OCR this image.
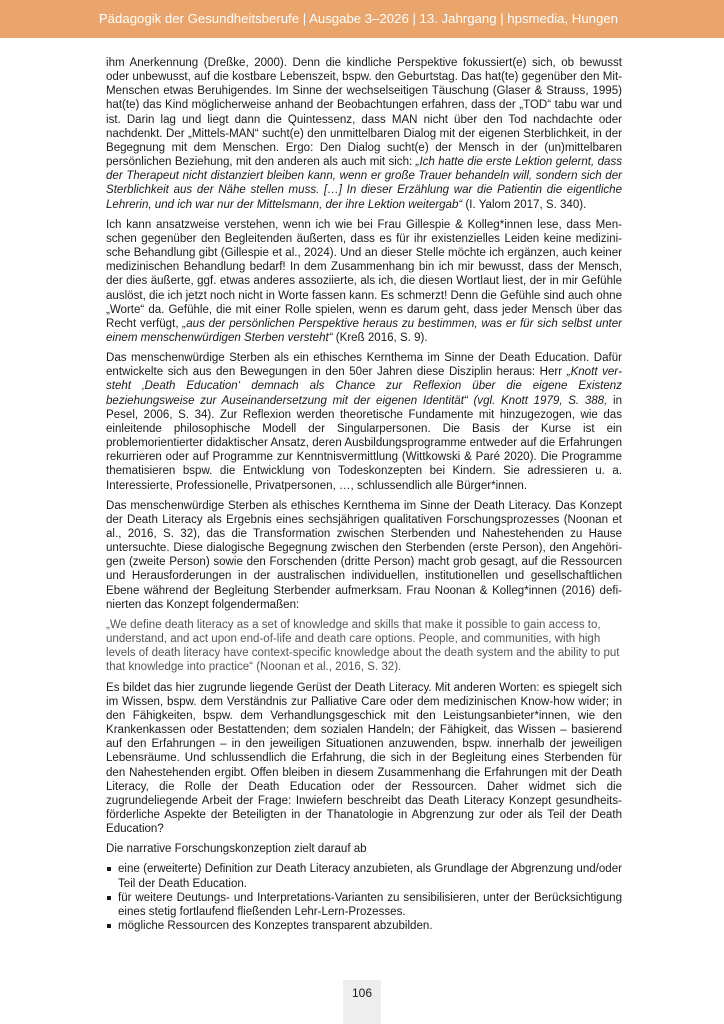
Pädagogik der Gesundheitsberufe | Ausgabe 3–2026 | 13. Jahrgang | hpsmedia, Hungen

ihm Anerkennung (Dreßke, 2000). Denn die kindliche Perspektive fokussiert(e) sich, ob bewusst oder unbewusst, auf die kostbare Lebenszeit, bspw. den Geburtstag. Das hat(te) gegenüber den Mit-Menschen etwas Beruhigendes. Im Sinne der wechselseitigen Täuschung (Glaser & Strauss, 1995) hat(te) das Kind möglicherweise anhand der Beobachtungen erfahren, dass der „TOD“ tabu war und ist. Darin lag und liegt dann die Quintessenz, dass MAN nicht über den Tod nachdachte oder nachdenkt. Der „Mittels-MAN“ sucht(e) den unmittelbaren Dialog mit der eigenen Sterblichkeit, in der Begegnung mit dem Menschen. Ergo: Den Dialog sucht(e) der Mensch in der (un)mittelbaren persönlichen Beziehung, mit den anderen als auch mit sich: „Ich hatte die erste Lektion gelernt, dass der Therapeut nicht distanziert bleiben kann, wenn er große Trauer behandeln will, sondern sich der Sterblichkeit aus der Nähe stellen muss. […] In dieser Erzählung war die Patientin die eigentliche Lehrerin, und ich war nur der Mittelsmann, der ihre Lektion weitergab“ (I. Yalom 2017, S. 340).

Ich kann ansatzweise verstehen, wenn ich wie bei Frau Gillespie & Kolleg*innen lese, dass Menschen gegenüber den Begleitenden äußerten, dass es für ihr existenzielles Leiden keine medizinische Behandlung gibt (Gillespie et al., 2024). Und an dieser Stelle möchte ich ergänzen, auch keiner medizinischen Behandlung bedarf! In dem Zusammenhang bin ich mir bewusst, dass der Mensch, der dies äußerte, ggf. etwas anderes assoziierte, als ich, die diesen Wortlaut liest, der in mir Gefühle auslöst, die ich jetzt noch nicht in Worte fassen kann. Es schmerzt! Denn die Gefühle sind auch ohne „Worte“ da. Gefühle, die mit einer Rolle spielen, wenn es darum geht, dass jeder Mensch über das Recht verfügt, „aus der persönlichen Perspektive heraus zu bestimmen, was er für sich selbst unter einem menschenwürdigen Sterben versteht“ (Kreß 2016, S. 9).

Das menschenwürdige Sterben als ein ethisches Kernthema im Sinne der Death Education. Dafür entwickelte sich aus den Bewegungen in den 50er Jahren diese Disziplin heraus: Herr „Knott versteht ‚Death Education‘ demnach als Chance zur Reflexion über die eigene Existenz beziehungsweise zur Auseinandersetzung mit der eigenen Identität“ (vgl. Knott 1979, S. 388, in Pesel, 2006, S. 34). Zur Reflexion werden theoretische Fundamente mit hinzugezogen, wie das einleitende philosophische Modell der Singularpersonen. Die Basis der Kurse ist ein problemorientierter didaktischer Ansatz, deren Ausbildungsprogramme entweder auf die Erfahrungen rekurrieren oder auf Programme zur Kenntnisvermittlung (Wittkowski & Paré 2020). Die Programme thematisieren bspw. die Entwicklung von Todeskonzepten bei Kindern. Sie adressieren u. a. Interessierte, Professionelle, Privatpersonen, …, schlussendlich alle Bürger*innen.

Das menschenwürdige Sterben als ethisches Kernthema im Sinne der Death Literacy. Das Konzept der Death Literacy als Ergebnis eines sechsjährigen qualitativen Forschungsprozesses (Noonan et al., 2016, S. 32), das die Transformation zwischen Sterbenden und Nahestehenden zu Hause untersuchte. Diese dialogische Begegnung zwischen den Sterbenden (erste Person), den Angehörigen (zweite Person) sowie den Forschenden (dritte Person) macht grob gesagt, auf die Ressourcen und Herausforderungen in der australischen individuellen, institutionellen und gesellschaftlichen Ebene während der Begleitung Sterbender aufmerksam. Frau Noonan & Kolleg*innen (2016) definierten das Konzept folgendermaßen:

„We define death literacy as a set of knowledge and skills that make it possible to gain access to, understand, and act upon end-of-life and death care options. People, and communities, with high levels of death literacy have context-specific knowledge about the death system and the ability to put that knowledge into practice“ (Noonan et al., 2016, S. 32).

Es bildet das hier zugrunde liegende Gerüst der Death Literacy. Mit anderen Worten: es spiegelt sich im Wissen, bspw. dem Verständnis zur Palliative Care oder dem medizinischen Know-how wider; in den Fähigkeiten, bspw. dem Verhandlungsgeschick mit den Leistungsanbieter*innen, wie den Krankenkassen oder Bestattenden; dem sozialen Handeln; der Fähigkeit, das Wissen – basierend auf den Erfahrungen – in den jeweiligen Situationen anzuwenden, bspw. innerhalb der jeweiligen Lebensräume. Und schlussendlich die Erfahrung, die sich in der Begleitung eines Sterbenden für den Nahestehenden ergibt. Offen bleiben in diesem Zusammenhang die Erfahrungen mit der Death Literacy, die Rolle der Death Education oder der Ressourcen. Daher widmet sich die zugrundeliegende Arbeit der Frage: Inwiefern beschreibt das Death Literacy Konzept gesundheitsförderliche Aspekte der Beteiligten in der Thanatologie in Abgrenzung zur oder als Teil der Death Education?

Die narrative Forschungskonzeption zielt darauf ab

eine (erweiterte) Definition zur Death Literacy anzubieten, als Grundlage der Abgrenzung und/oder Teil der Death Education.
für weitere Deutungs- und Interpretations-Varianten zu sensibilisieren, unter der Berücksichtigung eines stetig fortlaufend fließenden Lehr-Lern-Prozesses.
mögliche Ressourcen des Konzeptes transparent abzubilden.
106
